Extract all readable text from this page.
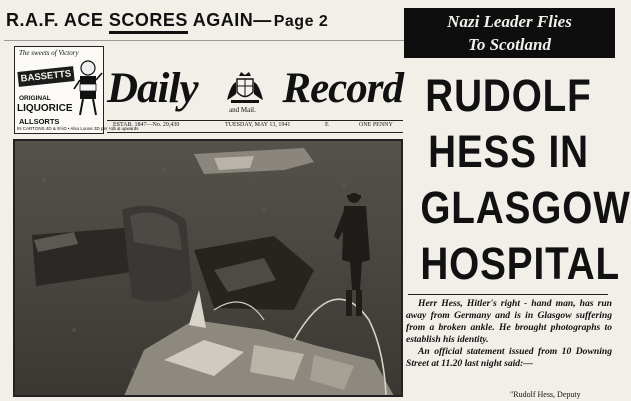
R.A.F. ACE SCORES AGAIN— Page 2
The sweets of Victory
BASSETTS
ORIGINAL
LIQUORICE
ALLSORTS
IN CARTONS 4D & 8½D • Also Loose 3D per ¼lb & upwards
Daily	and Mail. Record
ESTAB. 1847—No. 29,430	TUESDAY, MAY 13, 1941	E	ONE PENNY
Nazi Leader Flies
To Scotland
RUDOLF
HESS IN
GLASGOW
HOSPITAL

Herr Hess, Hitler's right - hand man, has run away from Germany and is in Glasgow suffering from a broken ankle. He brought photographs to establish his identity.

An official statement issued from 10 Downing Street at 11.20 last night said:—

"Rudolf Hess, Deputy
